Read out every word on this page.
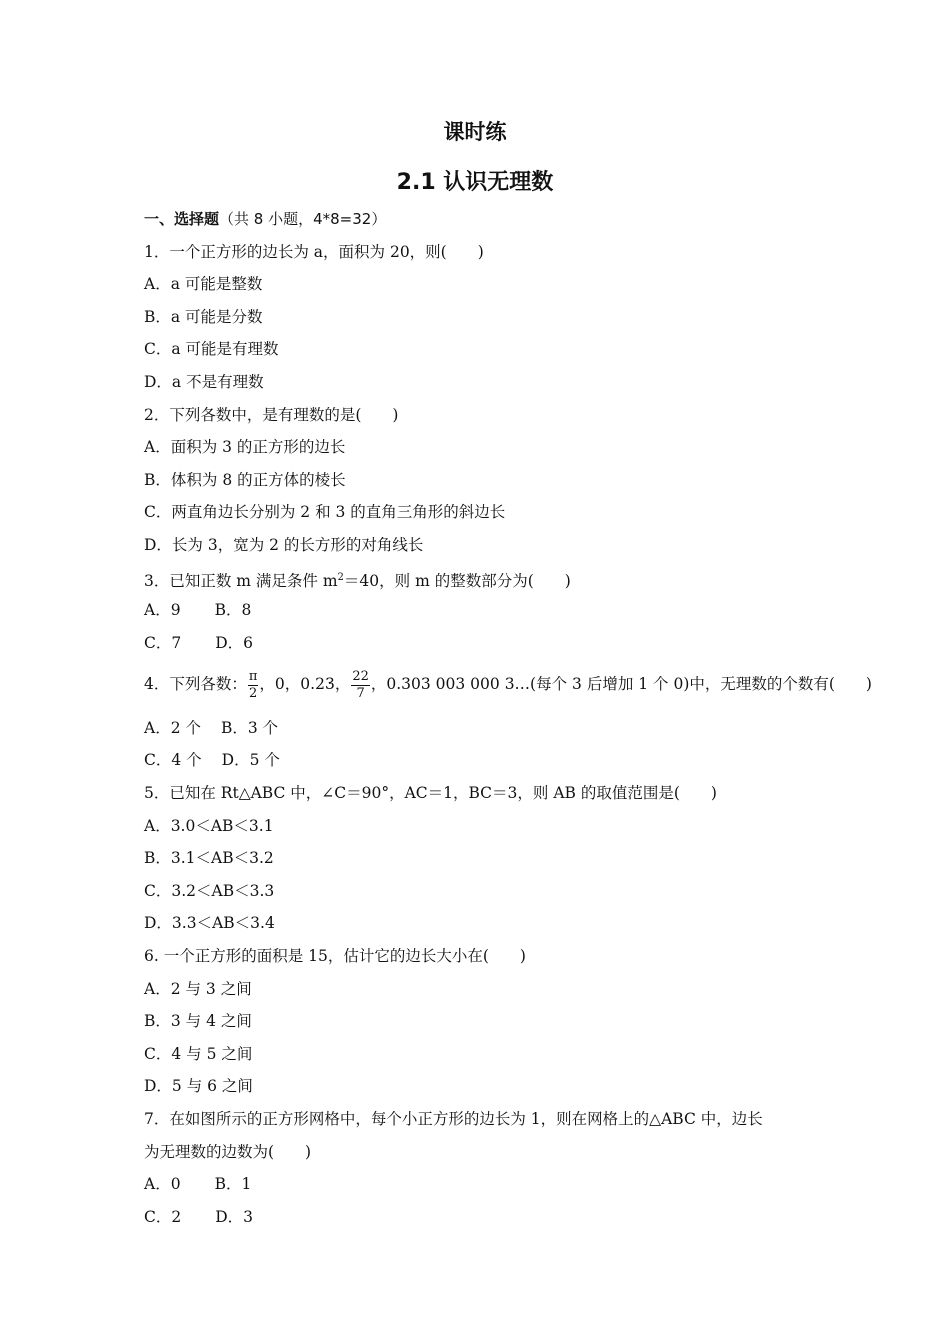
课时练
2.1 认识无理数
一、选择题（共 8 小题，4*8=32）
1．一个正方形的边长为 a，面积为 20，则(　　)
A．a 可能是整数
B．a 可能是分数
C．a 可能是有理数
D．a 不是有理数
2．下列各数中，是有理数的是(　　)
A．面积为 3 的正方形的边长
B．体积为 8 的正方体的棱长
C．两直角边长分别为 2 和 3 的直角三角形的斜边长
D．长为 3，宽为 2 的长方形的对角线长
3．已知正数 m 满足条件 $m^2=40$，则 m 的整数部分为(　　)
A．9 B．8
C．7 D．6
4．下列各数： $\frac{\pi}{2}$ ，0，0.2· 3， $\frac{22}{7}$ ，0.303 003 000 3…(每个 3 后增加 1 个 0)中，无理数的个数有(　　)
A．2 个 B．3 个
C．4 个 D．5 个
5．已知在 Rt△ABC 中，∠C＝90°，AC＝1，BC＝3，则 AB 的取值范围是(　　)
A．3.0＜AB＜3.1
B．3.1＜AB＜3.2
C．3.2＜AB＜3.3
D．3.3＜AB＜3.4
6. 一个正方形的面积是 15，估计它的边长大小在(　　)
A．2 与 3 之间
B．3 与 4 之间
C．4 与 5 之间
D．5 与 6 之间
7．在如图所示的正方形网格中，每个小正方形的边长为 1，则在网格上的△ABC 中，边长
为无理数的边数为(　　)
A．0 B．1
C．2 D．3
